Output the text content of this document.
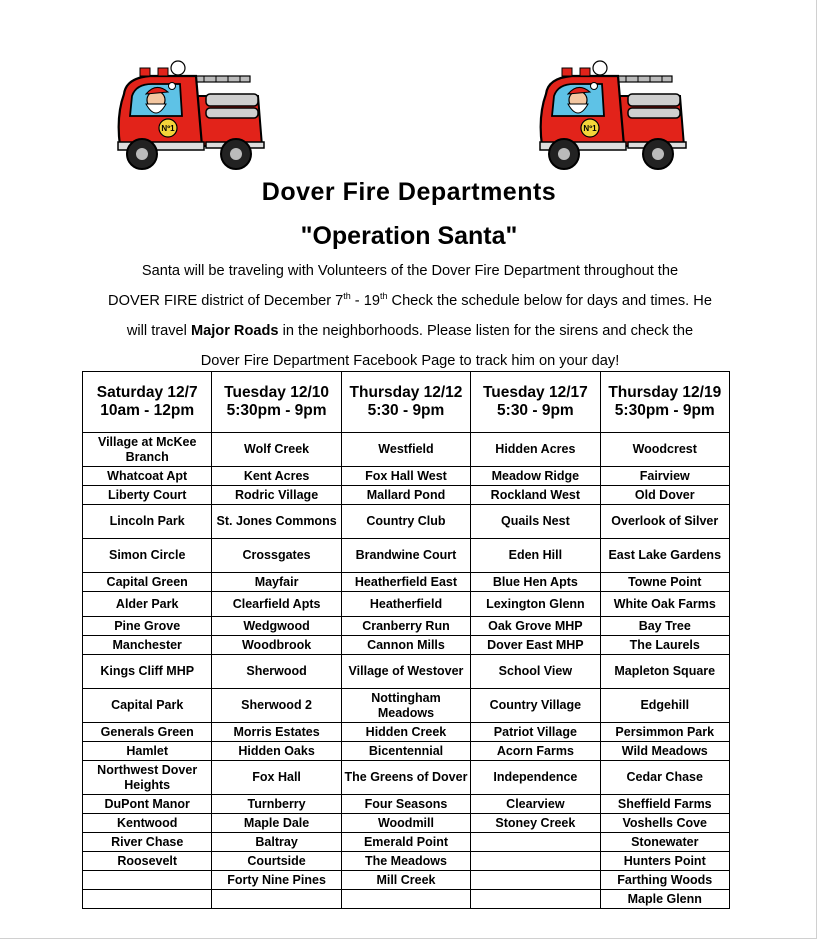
Nº1	Nº1
Dover Fire Departments
"Operation Santa"
Santa will be traveling with Volunteers of the Dover Fire Department throughout the
DOVER FIRE district of December 7th - 19th Check the schedule below for days and times. He
will travel Major Roads in the neighborhoods. Please listen for the sirens and check the
Dover Fire Department Facebook Page to track him on your day!
Saturday 12/7 10am - 12pm	Tuesday 12/10 5:30pm - 9pm	Thursday 12/12 5:30 - 9pm	Tuesday 12/17 5:30 - 9pm	Thursday 12/19 5:30pm - 9pm
Village at McKee Branch	Wolf Creek	Westfield	Hidden Acres	Woodcrest
Whatcoat Apt	Kent Acres	Fox Hall West	Meadow Ridge	Fairview
Liberty Court	Rodric Village	Mallard Pond	Rockland West	Old Dover
Lincoln Park	St. Jones Commons	Country Club	Quails Nest	Overlook of Silver
Simon Circle	Crossgates	Brandwine Court	Eden Hill	East Lake Gardens
Capital Green	Mayfair	Heatherfield East	Blue Hen Apts	Towne Point
Alder Park	Clearfield Apts	Heatherfield	Lexington Glenn	White Oak Farms
Pine Grove	Wedgwood	Cranberry Run	Oak Grove MHP	Bay Tree
Manchester	Woodbrook	Cannon Mills	Dover East MHP	The Laurels
Kings Cliff MHP	Sherwood	Village of Westover	School View	Mapleton Square
Capital Park	Sherwood 2	Nottingham Meadows	Country Village	Edgehill
Generals Green	Morris Estates	Hidden Creek	Patriot Village	Persimmon Park
Hamlet	Hidden Oaks	Bicentennial	Acorn Farms	Wild Meadows
Northwest Dover Heights	Fox Hall	The Greens of Dover	Independence	Cedar Chase
DuPont Manor	Turnberry	Four Seasons	Clearview	Sheffield Farms
Kentwood	Maple Dale	Woodmill	Stoney Creek	Voshells Cove
River Chase	Baltray	Emerald Point		Stonewater
Roosevelt	Courtside	The Meadows		Hunters Point
	Forty Nine Pines	Mill Creek		Farthing Woods
				Maple Glenn
